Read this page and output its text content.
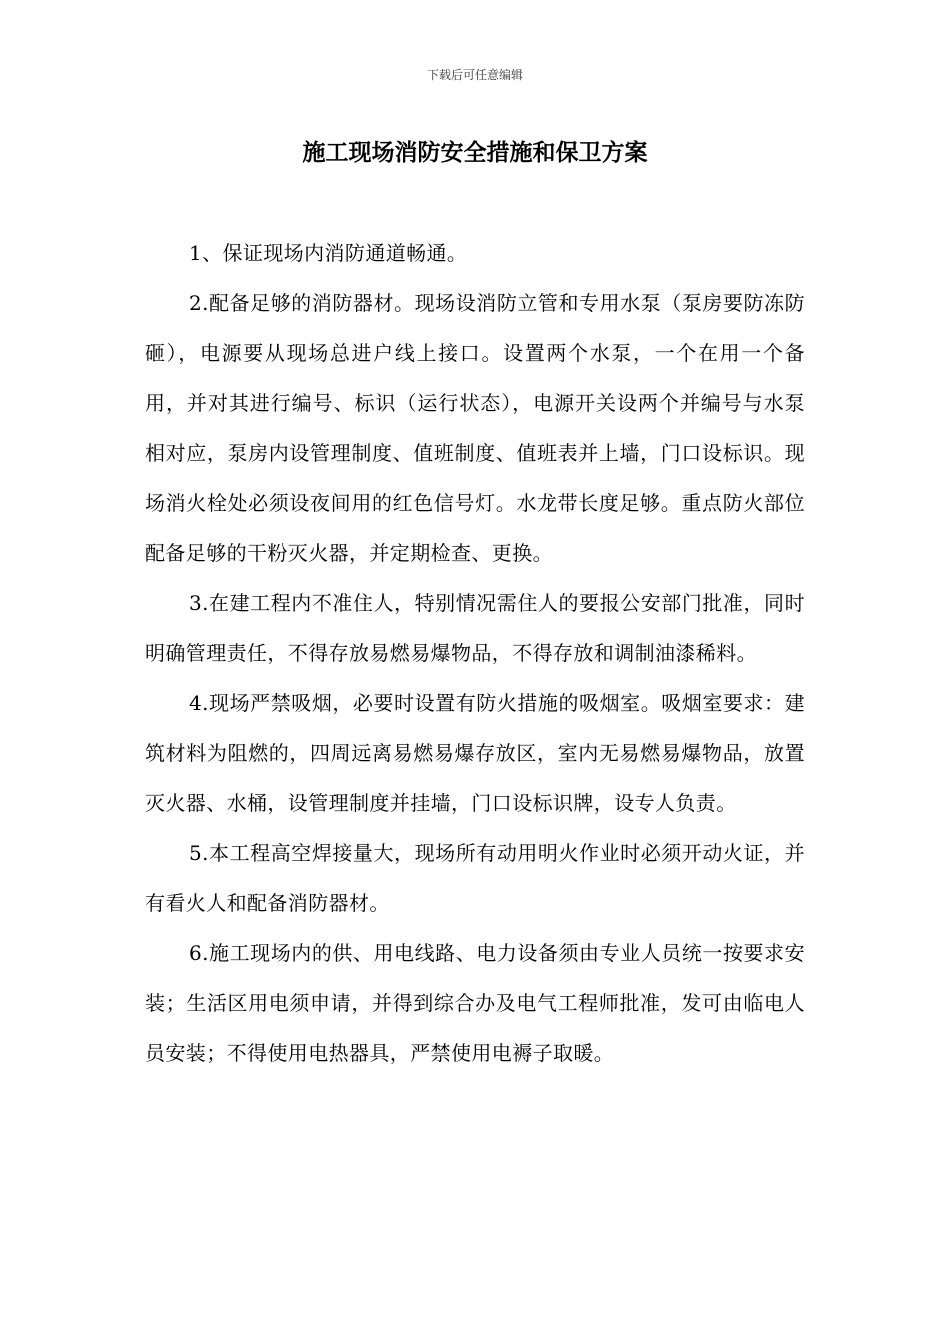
下载后可任意编辑
施工现场消防安全措施和保卫方案

1、保证现场内消防通道畅通。

2.配备足够的消防器材。现场设消防立管和专用水泵（泵房要防冻防砸），电源要从现场总进户线上接口。设置两个水泵，一个在用一个备用，并对其进行编号、标识（运行状态），电源开关设两个并编号与水泵相对应，泵房内设管理制度、值班制度、值班表并上墙，门口设标识。现场消火栓处必须设夜间用的红色信号灯。水龙带长度足够。重点防火部位配备足够的干粉灭火器，并定期检查、更换。

3.在建工程内不准住人，特别情况需住人的要报公安部门批准，同时明确管理责任，不得存放易燃易爆物品，不得存放和调制油漆稀料。

4.现场严禁吸烟，必要时设置有防火措施的吸烟室。吸烟室要求：建筑材料为阻燃的，四周远离易燃易爆存放区，室内无易燃易爆物品，放置灭火器、水桶，设管理制度并挂墙，门口设标识牌，设专人负责。

5.本工程高空焊接量大，现场所有动用明火作业时必须开动火证，并有看火人和配备消防器材。

6.施工现场内的供、用电线路、电力设备须由专业人员统一按要求安装；生活区用电须申请，并得到综合办及电气工程师批准，发可由临电人员安装；不得使用电热器具，严禁使用电褥子取暖。
